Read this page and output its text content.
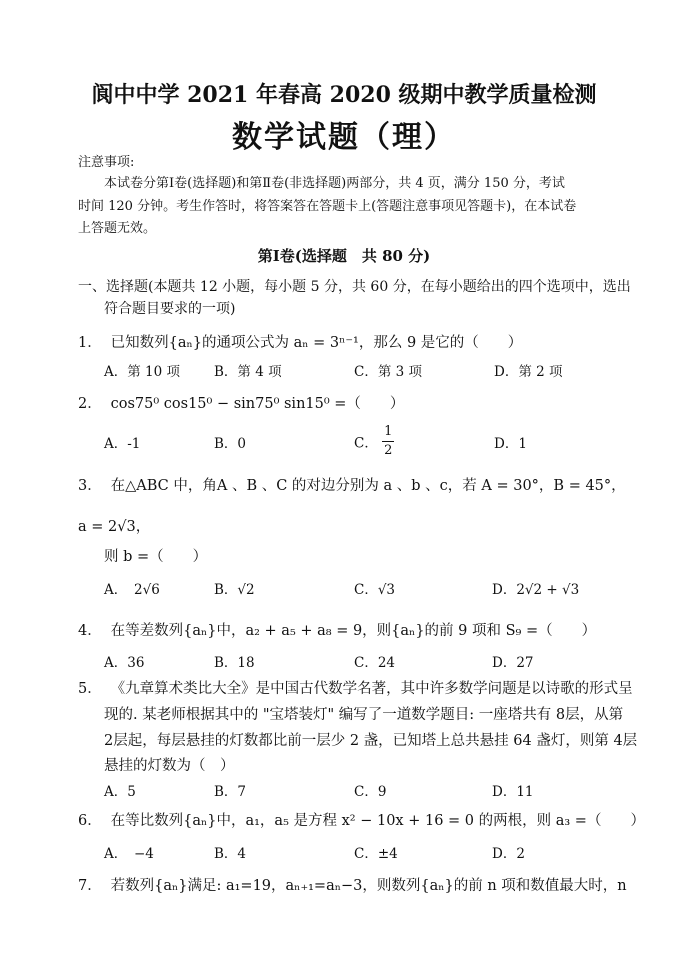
阆中中学 2021 年春高 2020 级期中教学质量检测
数学试题（理）
注意事项:
本试卷分第Ⅰ卷(选择题)和第Ⅱ卷(非选择题)两部分，共 4 页，满分 150 分，考试
时间 120 分钟。考生作答时，将答案答在答题卡上(答题注意事项见答题卡)，在本试卷
上答题无效。
第Ⅰ卷(选择题　共 80 分)
一、选择题(本题共 12 小题，每小题 5 分，共 60 分，在每小题给出的四个选项中，选出
符合题目要求的一项)
1． 已知数列{aₙ}的通项公式为 aₙ = 3ⁿ⁻¹，那么 9 是它的（　　）
A．第 10 项	B．第 4 项	C．第 3 项	D．第 2 项
2． cos75⁰ cos15⁰ − sin75⁰ sin15⁰ =（　　）
A．-1	B．0	C． $\frac{1}{2}$	D．1
3． 在△ABC 中，角A 、B 、C 的对边分别为 a 、b 、c，若 A = 30°，B = 45°，
a = 2√3，
则 b =（　　）
A．　2√6	B．√2	C．√3	D．2√2 + √3
4． 在等差数列{aₙ}中，a₂ + a₅ + a₈ = 9，则{aₙ}的前 9 项和 S₉ =（　　）
A．36	B．18	C．24	D．27
5． 《九章算术类比大全》是中国古代数学名著，其中许多数学问题是以诗歌的形式呈
现的. 某老师根据其中的 "宝塔装灯" 编写了一道数学题目: 一座塔共有 8层，从第
2层起，每层悬挂的灯数都比前一层少 2 盏，已知塔上总共悬挂 64 盏灯，则第 4层
悬挂的灯数为（　）
A．5	B．7	C．9	D．11
6． 在等比数列{aₙ}中，a₁，a₅ 是方程 x² − 10x + 16 = 0 的两根，则 a₃ =（　　）
A．　−4	B．4	C．±4	D．2
7． 若数列{aₙ}满足: a₁=19，aₙ₊₁=aₙ−3，则数列{aₙ}的前 n 项和数值最大时，n
